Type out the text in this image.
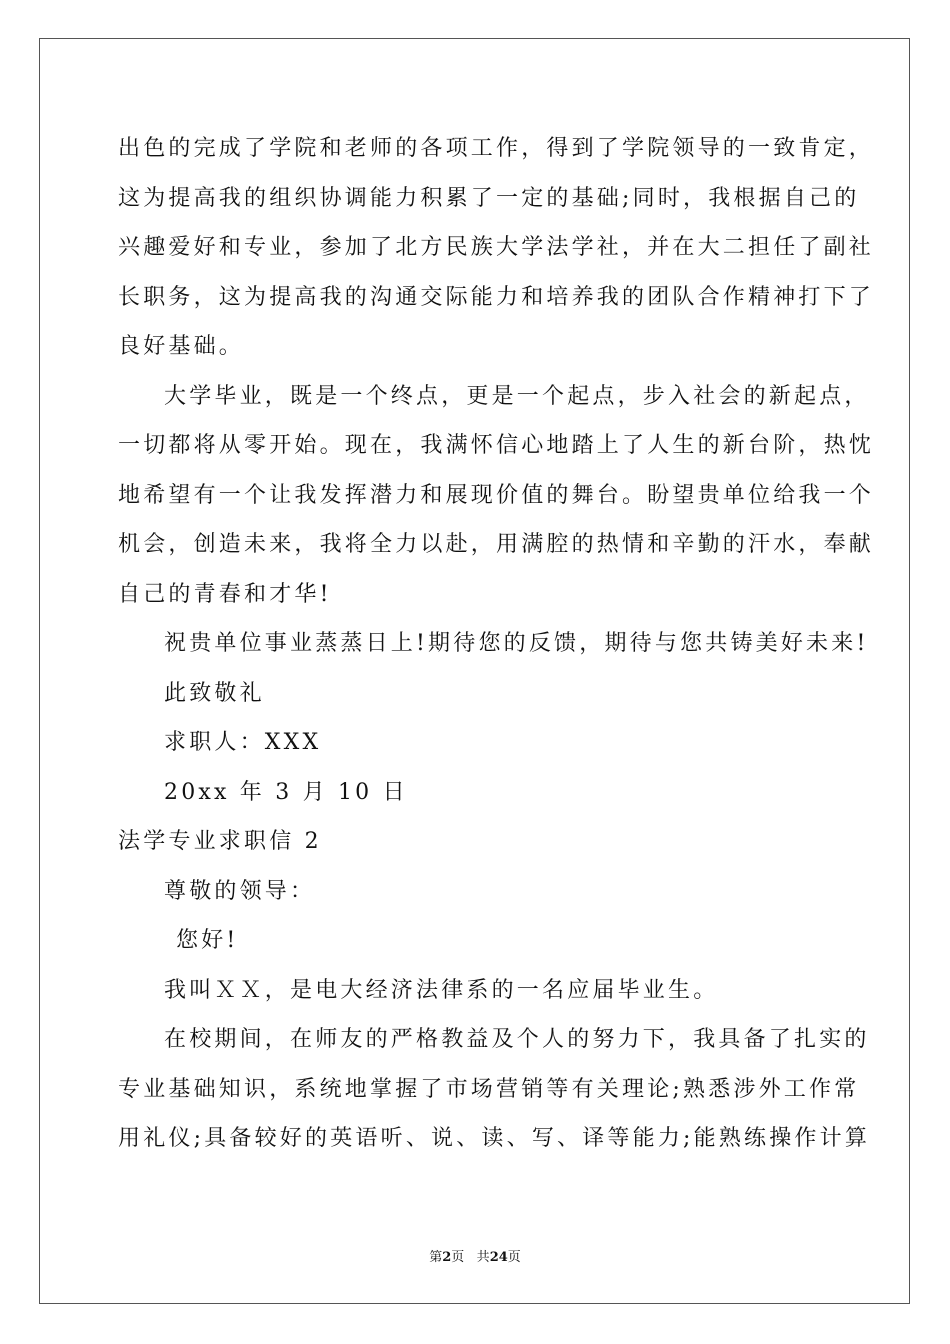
出色的完成了学院和老师的各项工作，得到了学院领导的一致肯定，
这为提高我的组织协调能力积累了一定的基础;同时，我根据自己的
兴趣爱好和专业，参加了北方民族大学法学社，并在大二担任了副社
长职务，这为提高我的沟通交际能力和培养我的团队合作精神打下了
良好基础。
大学毕业，既是一个终点，更是一个起点，步入社会的新起点，
一切都将从零开始。现在，我满怀信心地踏上了人生的新台阶，热忱
地希望有一个让我发挥潜力和展现价值的舞台。盼望贵单位给我一个
机会，创造未来，我将全力以赴，用满腔的热情和辛勤的汗水，奉献
自己的青春和才华!
祝贵单位事业蒸蒸日上!期待您的反馈，期待与您共铸美好未来!
此致敬礼
求职人：XXX
20xx 年 3 月 10 日
法学专业求职信 2
尊敬的领导：
您好!
我叫ＸＸ，是电大经济法律系的一名应届毕业生。
在校期间，在师友的严格教益及个人的努力下，我具备了扎实的
专业基础知识，系统地掌握了市场营销等有关理论;熟悉涉外工作常
用礼仪;具备较好的英语听、说、读、写、译等能力;能熟练操作计算
第2页 共24页
